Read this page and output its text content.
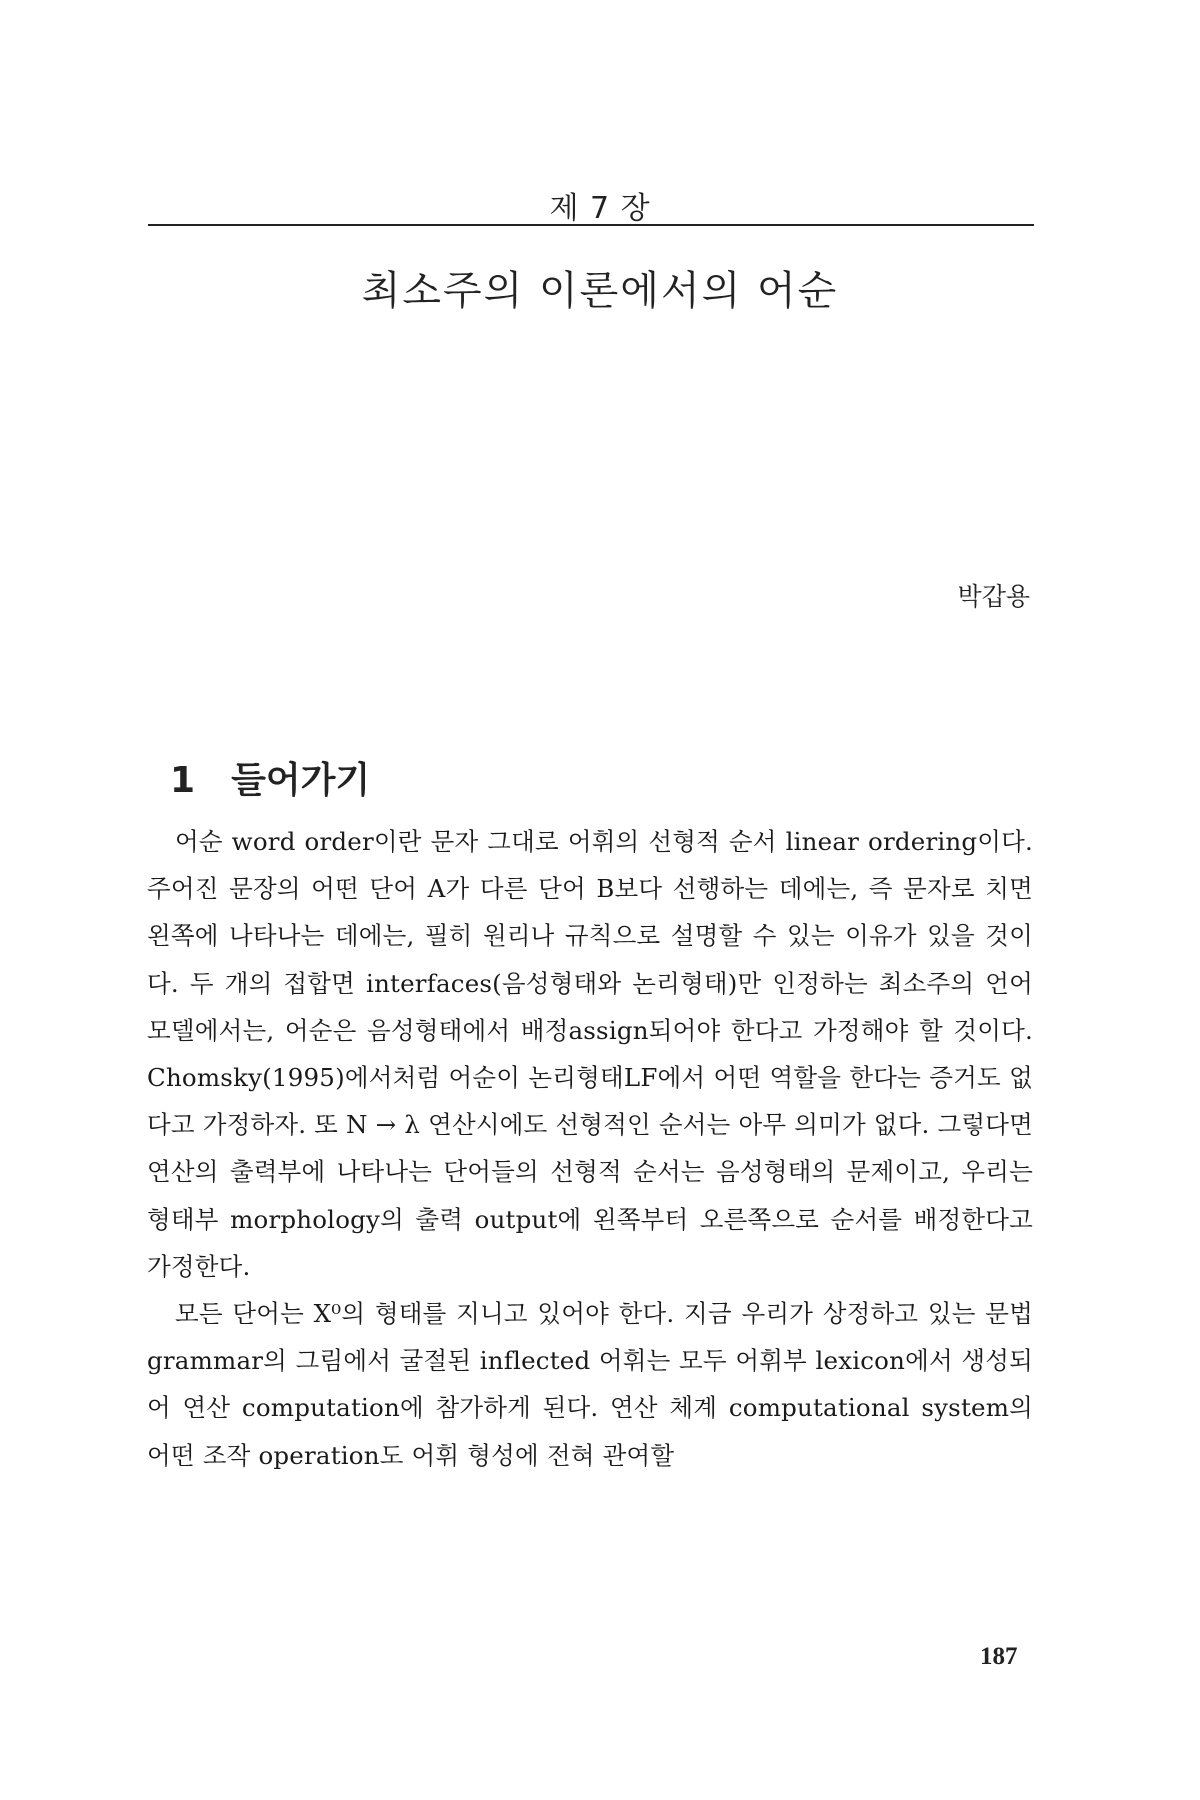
제 7 장
최소주의 이론에서의 어순
박갑용
1 들어가기

어순 word order이란 문자 그대로 어휘의 선형적 순서 linear ordering이다. 주어진 문장의 어떤 단어 A가 다른 단어 B보다 선행하는 데에는, 즉 문자로 치면 왼쪽에 나타나는 데에는, 필히 원리나 규칙으로 설명할 수 있는 이유가 있을 것이다. 두 개의 접합면 interfaces(음성형태와 논리형태)만 인정하는 최소주의 언어 모델에서는, 어순은 음성형태에서 배정assign되어야 한다고 가정해야 할 것이다. Chomsky(1995)에서처럼 어순이 논리형태LF에서 어떤 역할을 한다는 증거도 없다고 가정하자. 또 N → λ 연산시에도 선형적인 순서는 아무 의미가 없다. 그렇다면 연산의 출력부에 나타나는 단어들의 선형적 순서는 음성형태의 문제이고, 우리는 형태부 morphology의 출력 output에 왼쪽부터 오른쪽으로 순서를 배정한다고 가정한다.

모든 단어는 X⁰의 형태를 지니고 있어야 한다. 지금 우리가 상정하고 있는 문법 grammar의 그림에서 굴절된 inflected 어휘는 모두 어휘부 lexicon에서 생성되어 연산 computation에 참가하게 된다. 연산 체계 computational system의 어떤 조작 operation도 어휘 형성에 전혀 관여할

187
